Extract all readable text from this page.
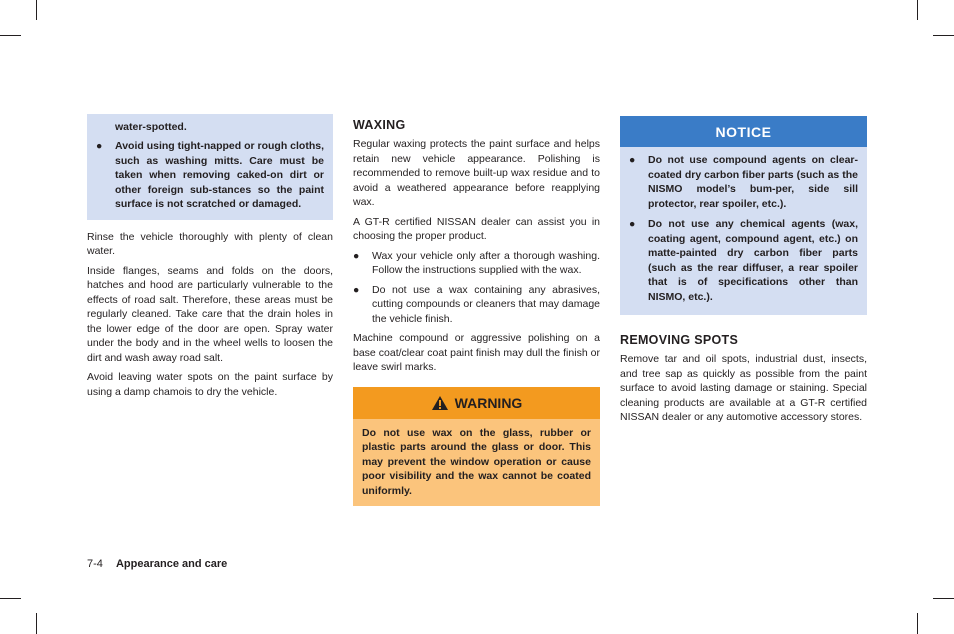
water-spotted.
● Avoid using tight-napped or rough cloths, such as washing mitts. Care must be taken when removing caked-on dirt or other foreign sub-stances so the paint surface is not scratched or damaged.

Rinse the vehicle thoroughly with plenty of clean water.

Inside flanges, seams and folds on the doors, hatches and hood are particularly vulnerable to the effects of road salt. Therefore, these areas must be regularly cleaned. Take care that the drain holes in the lower edge of the door are open. Spray water under the body and in the wheel wells to loosen the dirt and wash away road salt.

Avoid leaving water spots on the paint surface by using a damp chamois to dry the vehicle.

WAXING

Regular waxing protects the paint surface and helps retain new vehicle appearance. Polishing is recommended to remove built-up wax residue and to avoid a weathered appearance before reapplying wax.

A GT-R certified NISSAN dealer can assist you in choosing the proper product.

● Wax your vehicle only after a thorough washing. Follow the instructions supplied with the wax.
● Do not use a wax containing any abrasives, cutting compounds or cleaners that may damage the vehicle finish.

Machine compound or aggressive polishing on a base coat/clear coat paint finish may dull the finish or leave swirl marks.

WARNING
Do not use wax on the glass, rubber or plastic parts around the glass or door. This may prevent the window operation or cause poor visibility and the wax cannot be coated uniformly.
NOTICE
● Do not use compound agents on clear-coated dry carbon fiber parts (such as the NISMO model’s bum-per, side sill protector, rear spoiler, etc.).
● Do not use any chemical agents (wax, coating agent, compound agent, etc.) on matte-painted dry carbon fiber parts (such as the rear diffuser, a rear spoiler that is of specifications other than NISMO, etc.).
REMOVING SPOTS

Remove tar and oil spots, industrial dust, insects, and tree sap as quickly as possible from the paint surface to avoid lasting damage or staining. Special cleaning products are available at a GT-R certified NISSAN dealer or any automotive accessory stores.

7-4 Appearance and care
